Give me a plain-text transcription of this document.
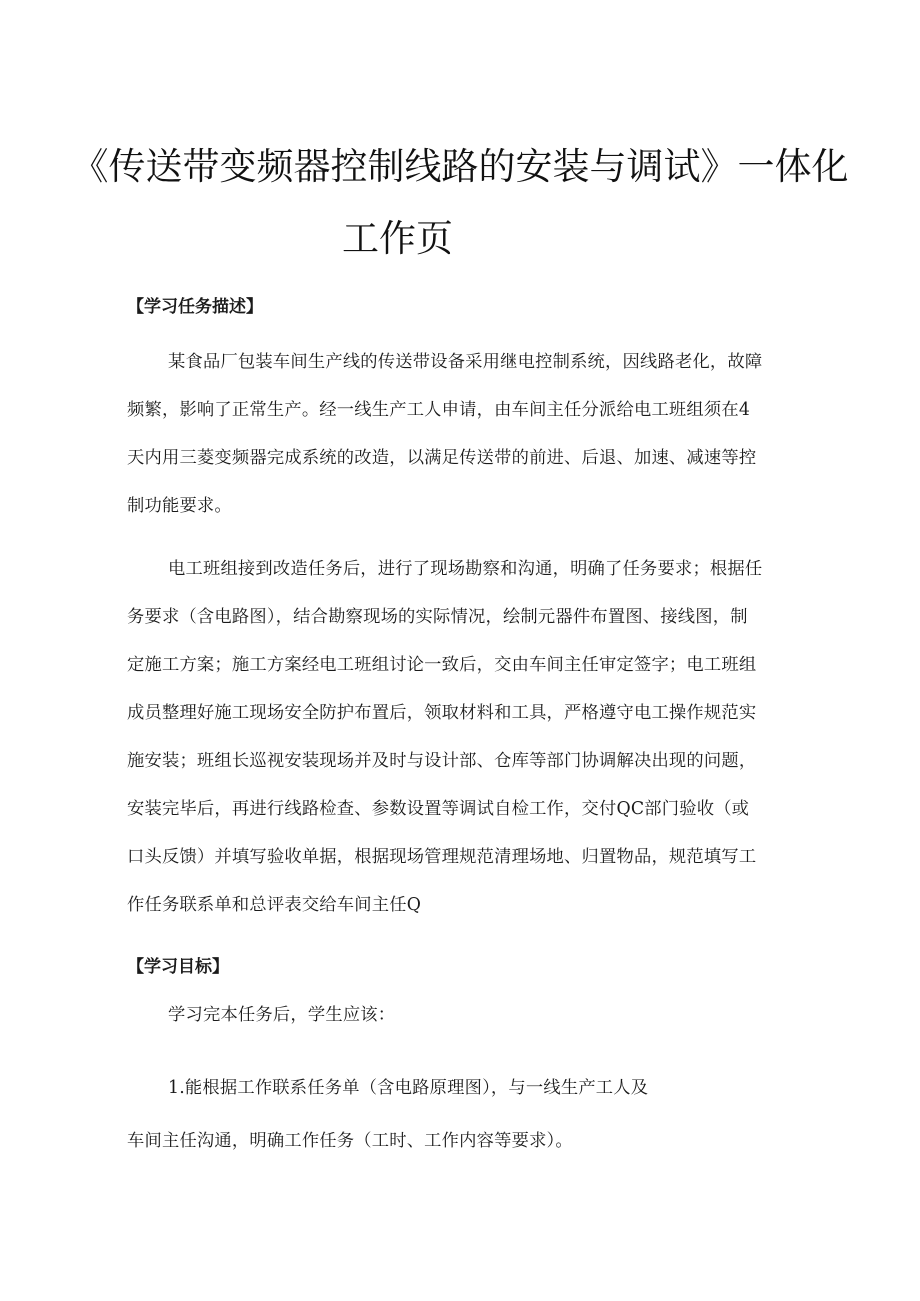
《传送带变频器控制线路的安装与调试》一体化
工作页
【学习任务描述】
某食品厂包装车间生产线的传送带设备采用继电控制系统，因线路老化，故障
频繁，影响了正常生产。经一线生产工人申请，由车间主任分派给电工班组须在4
天内用三菱变频器完成系统的改造，以满足传送带的前进、后退、加速、减速等控
制功能要求。
电工班组接到改造任务后，进行了现场勘察和沟通，明确了任务要求；根据任
务要求（含电路图），结合勘察现场的实际情况，绘制元器件布置图、接线图，制
定施工方案；施工方案经电工班组讨论一致后，交由车间主任审定签字；电工班组
成员整理好施工现场安全防护布置后，领取材料和工具，严格遵守电工操作规范实
施安装；班组长巡视安装现场并及时与设计部、仓库等部门协调解决出现的问题，
安装完毕后，再进行线路检查、参数设置等调试自检工作，交付QC部门验收（或
口头反馈）并填写验收单据，根据现场管理规范清理场地、归置物品，规范填写工
作任务联系单和总评表交给车间主任Q
【学习目标】
学习完本任务后，学生应该：
1.能根据工作联系任务单（含电路原理图），与一线生产工人及
车间主任沟通，明确工作任务（工时、工作内容等要求）。
